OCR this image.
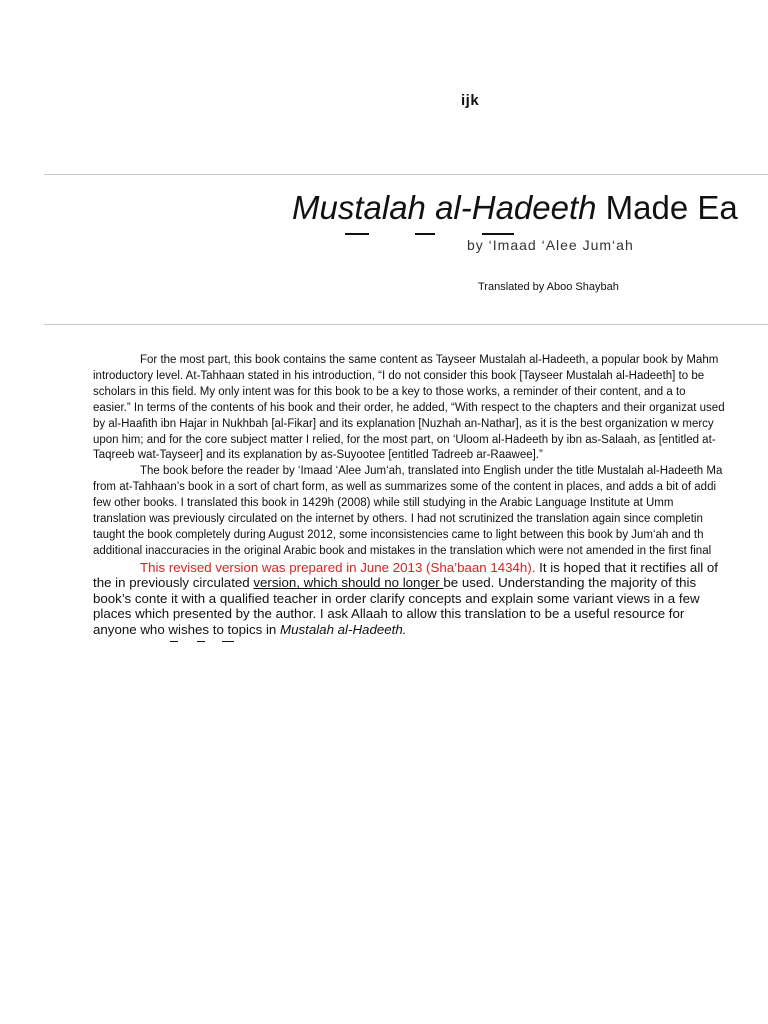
ijk
Mustalah al-Hadeeth Made Ea
by ‘Imaad ‘Alee Jum‘ah
Translated by Aboo Shaybah
For the most part, this book contains the same content as Tayseer Mustalah al-Hadeeth, a popular book by Mahm
introductory level. At-Tahhaan stated in his introduction, “I do not consider this book [Tayseer Mustalah al-Hadeeth] to be
scholars in this field. My only intent was for this book to be a key to those works, a reminder of their content, and a to
easier.” In terms of the contents of his book and their order, he added, “With respect to the chapters and their organizat used
by al-Haafith ibn Hajar in Nukhbah [al-Fikar] and its explanation [Nuzhah an-Nathar], as it is the best organization w mercy
upon him; and for the core subject matter I relied, for the most part, on ‘Uloom al-Hadeeth by ibn as-Salaah, as [entitled at-
Taqreeb wat-Tayseer] and its explanation by as-Suyootee [entitled Tadreeb ar-Raawee].”
The book before the reader by ‘Imaad ‘Alee Jum‘ah, translated into English under the title Mustalah al-Hadeeth Ma
from at-Tahhaan’s book in a sort of chart form, as well as summarizes some of the content in places, and adds a bit of addi
few other books. I translated this book in 1429h (2008) while still studying in the Arabic Language Institute at Umm
translation was previously circulated on the internet by others. I had not scrutinized the translation again since completin
taught the book completely during August 2012, some inconsistencies came to light between this book by Jum‘ah and th
additional inaccuracies in the original Arabic book and mistakes in the translation which were not amended in the first final
This revised version was prepared in June 2013 (Sha’baan 1434h). It is hoped that it rectifies all of
the in previously circulated version, which should no longer be used. Understanding the majority of this
book’s conte it with a qualified teacher in order clarify concepts and explain some variant views in a few
places which presented by the author. I ask Allaah to allow this translation to be a useful resource for
anyone who wishes to topics in Mustalah al-Hadeeth.
